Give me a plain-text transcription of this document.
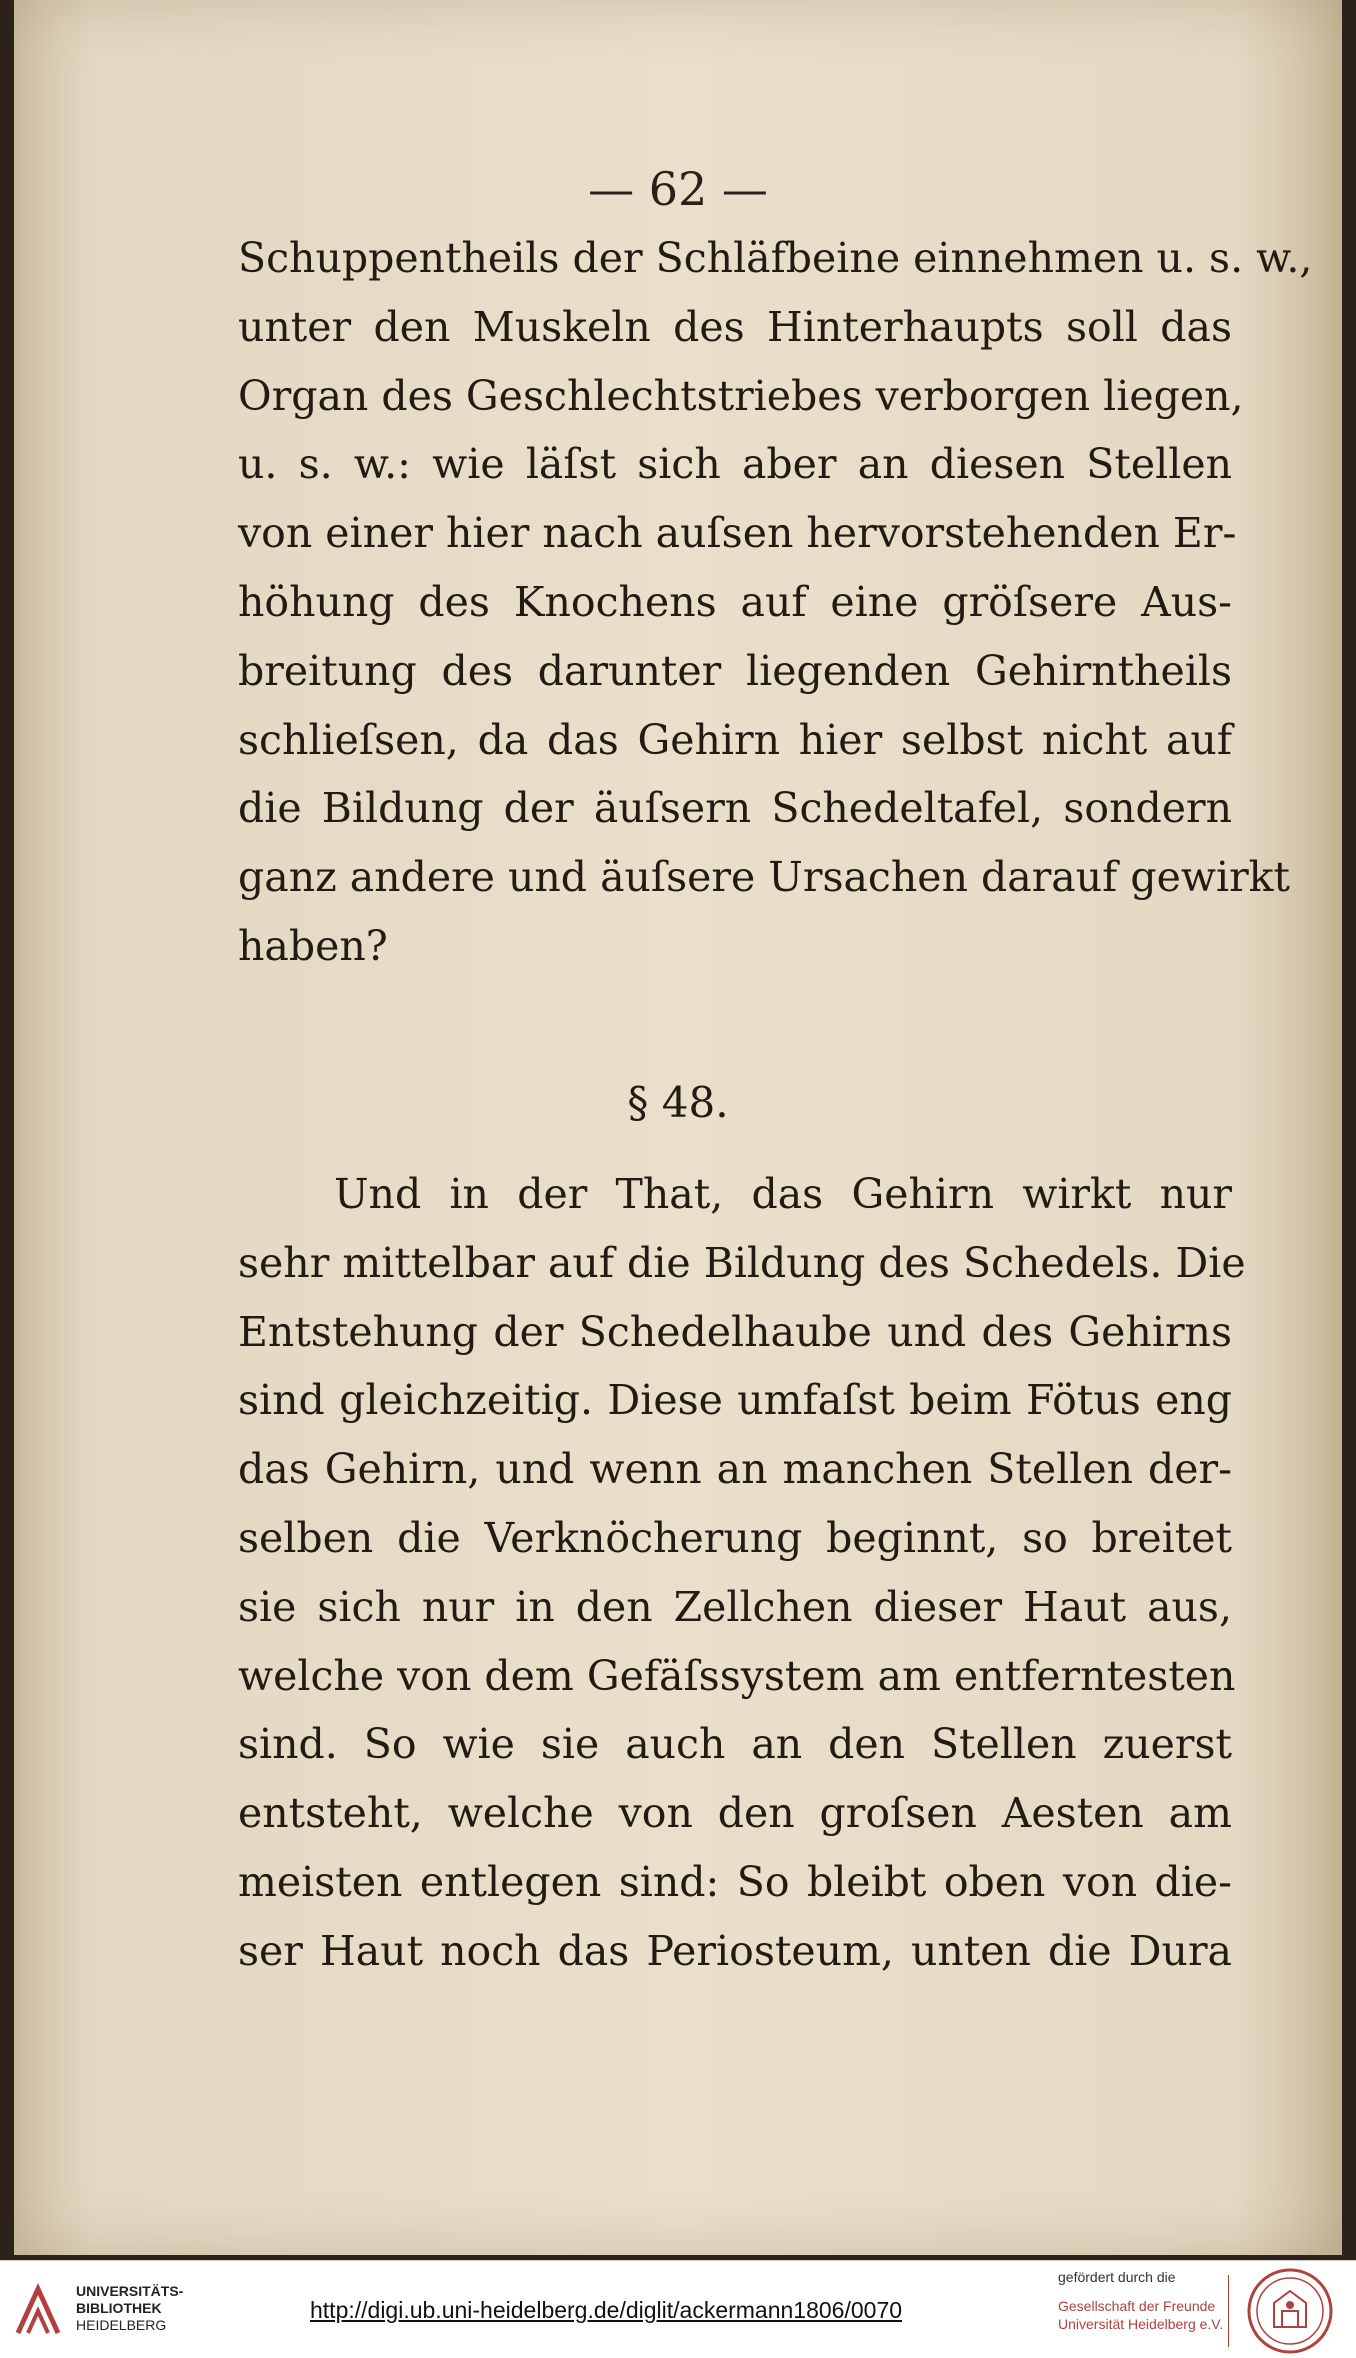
— 62 —
Schuppentheils der Schläfbeine einnehmen u. s. w.,
unter den Muskeln des Hinterhaupts soll das
Organ des Geschlechtstriebes verborgen liegen,
u. s. w.: wie läſst sich aber an diesen Stellen
von einer hier nach auſsen hervorstehenden Er-
höhung des Knochens auf eine gröſsere Aus-
breitung des darunter liegenden Gehirntheils
schlieſsen, da das Gehirn hier selbst nicht auf
die Bildung der äuſsern Schedeltafel, sondern
ganz andere und äuſsere Ursachen darauf gewirkt
haben?
§ 48.
Und in der That, das Gehirn wirkt nur
sehr mittelbar auf die Bildung des Schedels. Die
Entstehung der Schedelhaube und des Gehirns
sind gleichzeitig. Diese umfaſst beim Fötus eng
das Gehirn, und wenn an manchen Stellen der-
selben die Verknöcherung beginnt, so breitet
sie sich nur in den Zellchen dieser Haut aus,
welche von dem Gefäſssystem am entferntesten
sind. So wie sie auch an den Stellen zuerst
entsteht, welche von den groſsen Aesten am
meisten entlegen sind: So bleibt oben von die-
ser Haut noch das Periosteum, unten die Dura
UNIVERSITÄTS-
BIBLIOTHEK
HEIDELBERG
http://digi.ub.uni-heidelberg.de/diglit/ackermann1806/0070
gefördert durch die
Gesellschaft der Freunde
Universität Heidelberg e.V.
